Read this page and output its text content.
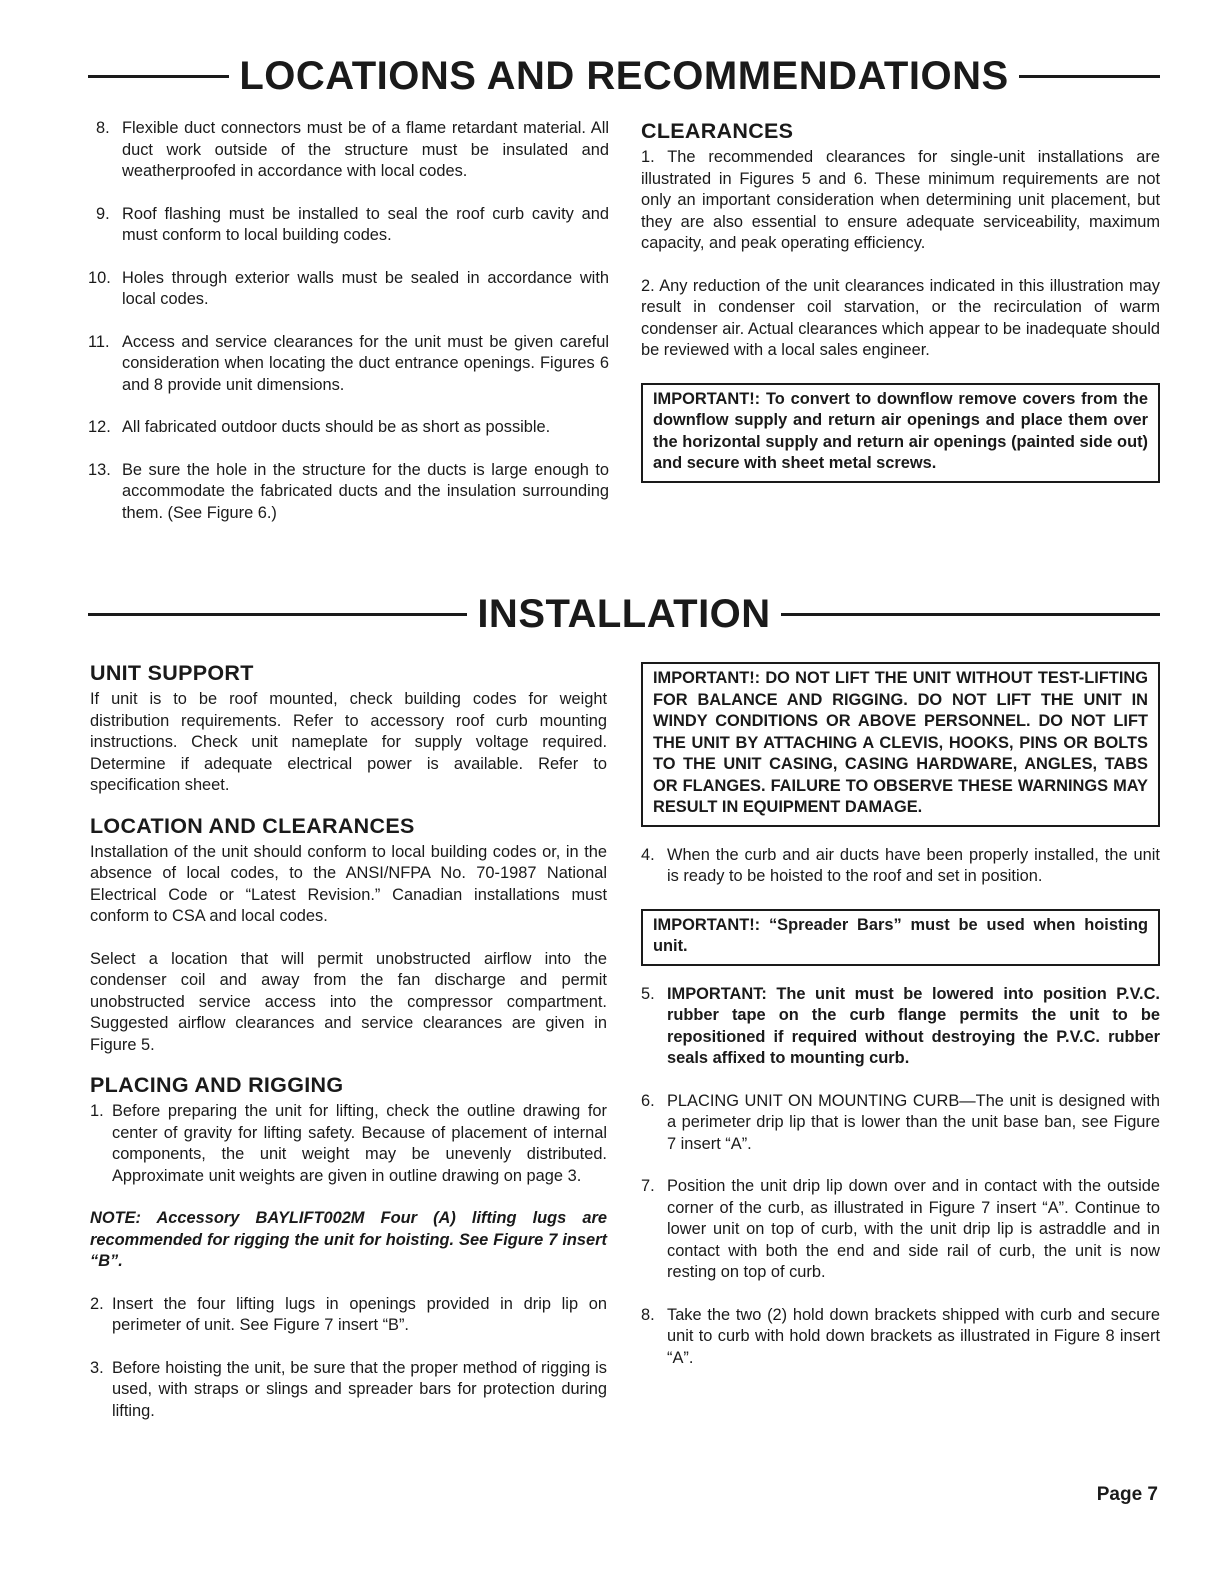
LOCATIONS AND RECOMMENDATIONS
8. Flexible duct connectors must be of a flame retardant material. All duct work outside of the structure must be insulated and weatherproofed in accordance with local codes.
9. Roof flashing must be installed to seal the roof curb cavity and must conform to local building codes.
10. Holes through exterior walls must be sealed in accordance with local codes.
11. Access and service clearances for the unit must be given careful consideration when locating the duct entrance openings. Figures 6 and 8 provide unit dimensions.
12. All fabricated outdoor ducts should be as short as possible.
13. Be sure the hole in the structure for the ducts is large enough to accommodate the fabricated ducts and the insulation surrounding them. (See Figure 6.)
CLEARANCES

1. The recommended clearances for single-unit installations are illustrated in Figures 5 and 6. These minimum requirements are not only an important consideration when determining unit placement, but they are also essential to ensure adequate serviceability, maximum capacity, and peak operating efficiency.

2. Any reduction of the unit clearances indicated in this illustration may result in condenser coil starvation, or the recirculation of warm condenser air. Actual clearances which appear to be inadequate should be reviewed with a local sales engineer.

IMPORTANT!: To convert to downflow remove covers from the downflow supply and return air openings and place them over the horizontal supply and return air openings (painted side out) and secure with sheet metal screws.
INSTALLATION
UNIT SUPPORT

If unit is to be roof mounted, check building codes for weight distribution requirements. Refer to accessory roof curb mounting instructions. Check unit nameplate for supply voltage required. Determine if adequate electrical power is available. Refer to specification sheet.

LOCATION AND CLEARANCES

Installation of the unit should conform to local building codes or, in the absence of local codes, to the ANSI/NFPA No. 70-1987 National Electrical Code or “Latest Revision.” Canadian installations must conform to CSA and local codes.

Select a location that will permit unobstructed airflow into the condenser coil and away from the fan discharge and permit unobstructed service access into the compressor compartment. Suggested airflow clearances and service clearances are given in Figure 5.

PLACING AND RIGGING
1. Before preparing the unit for lifting, check the outline drawing for center of gravity for lifting safety. Because of placement of internal components, the unit weight may be unevenly distributed. Approximate unit weights are given in outline drawing on page 3.

NOTE: Accessory BAYLIFT002M Four (A) lifting lugs are recommended for rigging the unit for hoisting. See Figure 7 insert “B”.

2. Insert the four lifting lugs in openings provided in drip lip on perimeter of unit. See Figure 7 insert “B”.
3. Before hoisting the unit, be sure that the proper method of rigging is used, with straps or slings and spreader bars for protection during lifting.
IMPORTANT!: DO NOT LIFT THE UNIT WITHOUT TEST-LIFTING FOR BALANCE AND RIGGING. DO NOT LIFT THE UNIT IN WINDY CONDITIONS OR ABOVE PERSONNEL. DO NOT LIFT THE UNIT BY ATTACHING A CLEVIS, HOOKS, PINS OR BOLTS TO THE UNIT CASING, CASING HARDWARE, ANGLES, TABS OR FLANGES. FAILURE TO OBSERVE THESE WARNINGS MAY RESULT IN EQUIPMENT DAMAGE.
4. When the curb and air ducts have been properly installed, the unit is ready to be hoisted to the roof and set in position.
IMPORTANT!: “Spreader Bars” must be used when hoisting unit.
5. IMPORTANT: The unit must be lowered into position P.V.C. rubber tape on the curb flange permits the unit to be repositioned if required without destroying the P.V.C. rubber seals affixed to mounting curb.
6. PLACING UNIT ON MOUNTING CURB—The unit is designed with a perimeter drip lip that is lower than the unit base ban, see Figure 7 insert “A”.
7. Position the unit drip lip down over and in contact with the outside corner of the curb, as illustrated in Figure 7 insert “A”. Continue to lower unit on top of curb, with the unit drip lip is astraddle and in contact with both the end and side rail of curb, the unit is now resting on top of curb.
8. Take the two (2) hold down brackets shipped with curb and secure unit to curb with hold down brackets as illustrated in Figure 8 insert “A”.
Page 7
